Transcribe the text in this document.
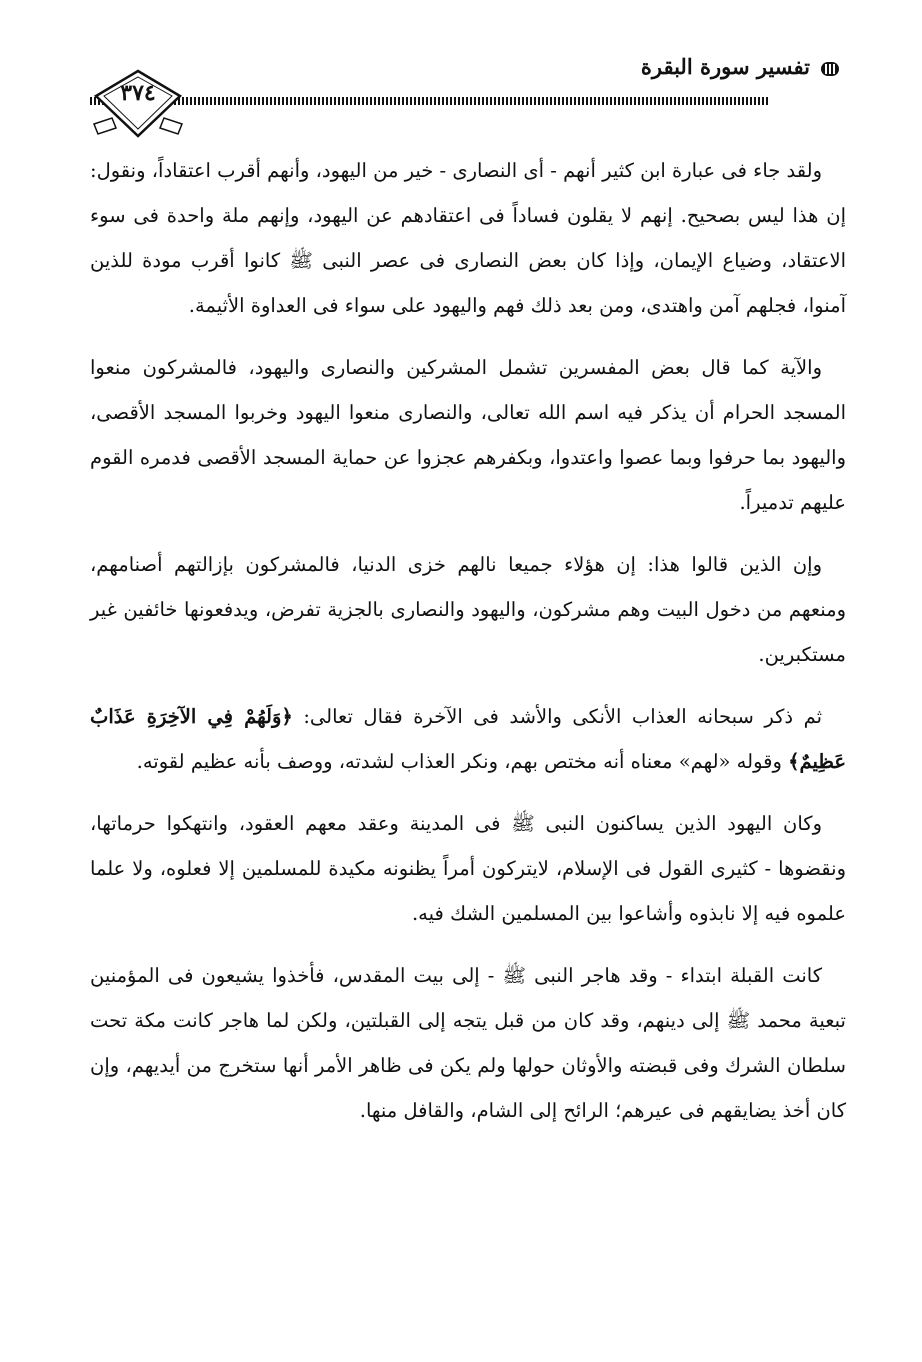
تفسير سورة البقرة
٣٧٤

ولقد جاء فى عبارة ابن كثير أنهم - أى النصارى - خير من اليهود، وأنهم أقرب اعتقاداً، ونقول: إن هذا ليس بصحيح. إنهم لا يقلون فساداً فى اعتقادهم عن اليهود، وإنهم ملة واحدة فى سوء الاعتقاد، وضياع الإيمان، وإذا كان بعض النصارى فى عصر النبى ﷺ كانوا أقرب مودة للذين آمنوا، فجلهم آمن واهتدى، ومن بعد ذلك فهم واليهود على سواء فى العداوة الأثيمة.

والآية كما قال بعض المفسرين تشمل المشركين والنصارى واليهود، فالمشركون منعوا المسجد الحرام أن يذكر فيه اسم الله تعالى، والنصارى منعوا اليهود وخربوا المسجد الأقصى، واليهود بما حرفوا وبما عصوا واعتدوا، وبكفرهم عجزوا عن حماية المسجد الأقصى فدمره القوم عليهم تدميراً.

وإن الذين قالوا هذا: إن هؤلاء جميعا نالهم خزى الدنيا، فالمشركون بإزالتهم أصنامهم، ومنعهم من دخول البيت وهم مشركون، واليهود والنصارى بالجزية تفرض، ويدفعونها خائفين غير مستكبرين.

ثم ذكر سبحانه العذاب الأنكى والأشد فى الآخرة فقال تعالى: ﴿وَلَهُمْ فِي الآخِرَةِ عَذَابٌ عَظِيمٌ﴾ وقوله «لهم» معناه أنه مختص بهم، ونكر العذاب لشدته، ووصف بأنه عظيم لقوته.

وكان اليهود الذين يساكنون النبى ﷺ فى المدينة وعقد معهم العقود، وانتهكوا حرماتها، ونقضوها - كثيرى القول فى الإسلام، لايتركون أمراً يظنونه مكيدة للمسلمين إلا فعلوه، ولا علما علموه فيه إلا نابذوه وأشاعوا بين المسلمين الشك فيه.

كانت القبلة ابتداء - وقد هاجر النبى ﷺ - إلى بيت المقدس، فأخذوا يشيعون فى المؤمنين تبعية محمد ﷺ إلى دينهم، وقد كان من قبل يتجه إلى القبلتين، ولكن لما هاجر كانت مكة تحت سلطان الشرك وفى قبضته والأوثان حولها ولم يكن فى ظاهر الأمر أنها ستخرج من أيديهم، وإن كان أخذ يضايقهم فى عيرهم؛ الرائح إلى الشام، والقافل منها.
